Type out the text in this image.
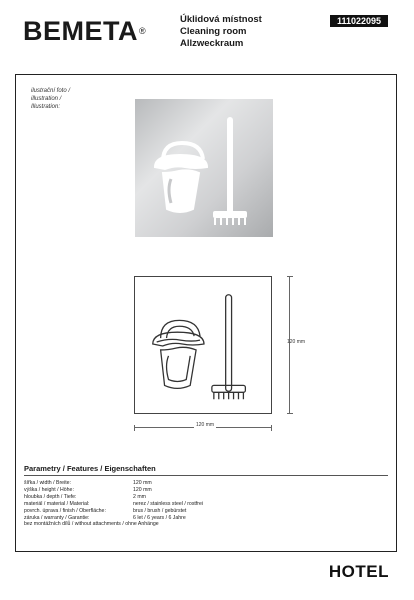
BEMETA®
Úklidová místnost
Cleaning room
Allzweckraum
111022095
ilustrační foto /
illustration /
Illustration:
120 mm
120 mm
Parametry / Features / Eigenschaften
šířka / width / Breite:	120 mm
výška / height / Höhe:	120 mm
hloubka / depth / Tiefe:	2 mm
materiál / material / Material:	nerez / stainless steel / rostfrei
povrch. úprava / finish / Oberfläche:	brus / brush / gebürstet
záruka / warranty / Garantie:	6 let / 6 years / 6 Jahre
bez montážních dílů / without attachments / ohne Anhänge
HOTEL
